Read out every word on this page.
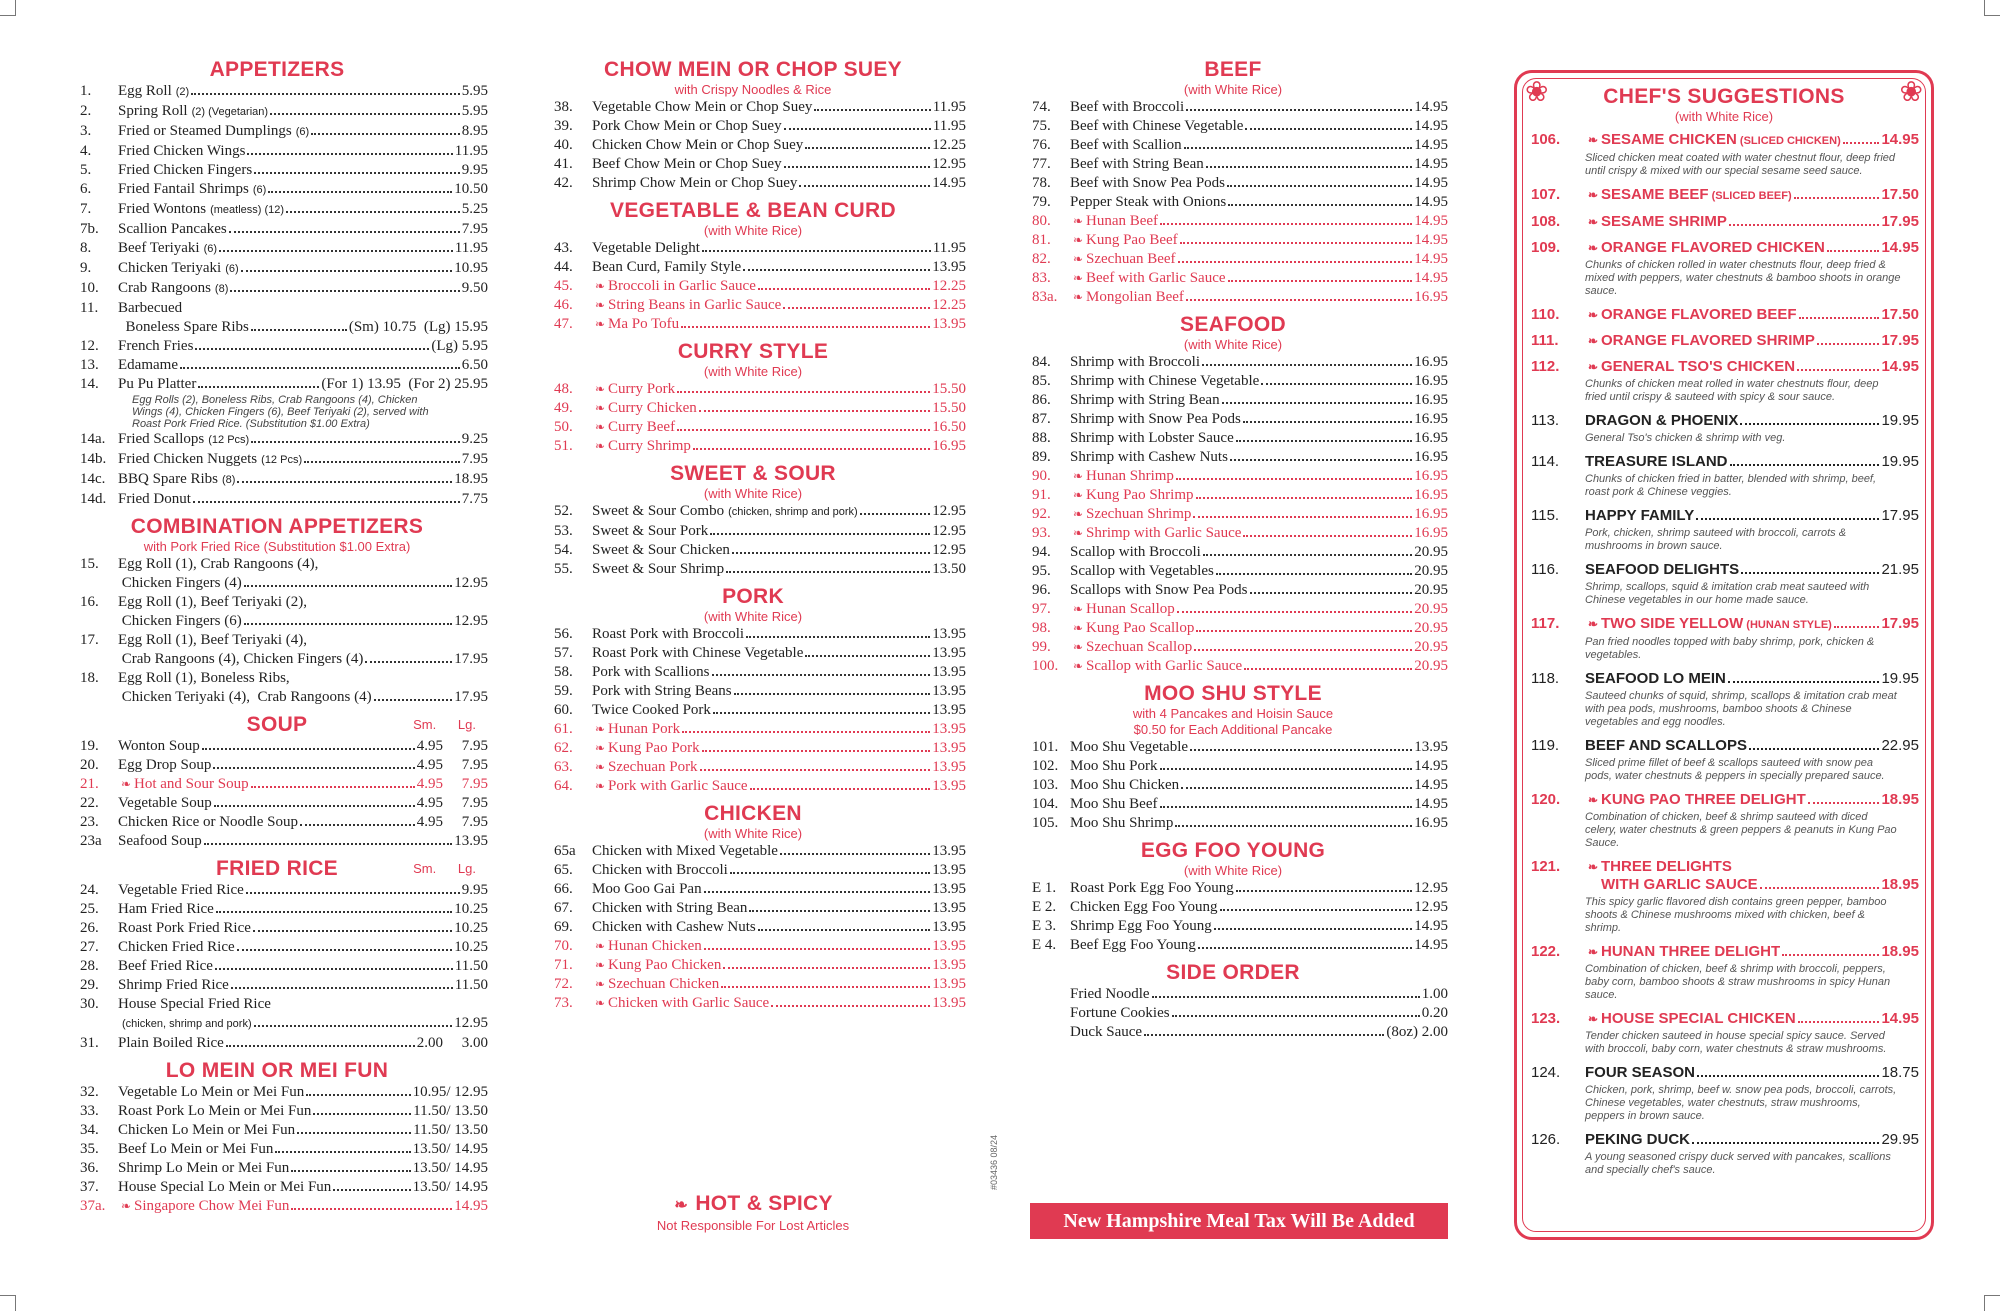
APPETIZERS
1.	Egg Roll (2)	5.95
2.	Spring Roll (2) (Vegetarian)	5.95
3.	Fried or Steamed Dumplings (6)	8.95
4.	Fried Chicken Wings	11.95
5.	Fried Chicken Fingers	9.95
6.	Fried Fantail Shrimps (6)	10.50
7.	Fried Wontons (meatless) (12)	5.25
7b.	Scallion Pancakes	7.95
8.	Beef Teriyaki (6)	11.95
9.	Chicken Teriyaki (6)	10.95
10.	Crab Rangoons (8)	9.50
11.	Barbecued
Boneless Spare Ribs	(Sm) 10.75  (Lg) 15.95
12.	French Fries	(Lg) 5.95
13.	Edamame	6.50
14.	Pu Pu Platter	(For 1) 13.95  (For 2) 25.95
Egg Rolls (2), Boneless Ribs, Crab Rangoons (4), Chicken Wings (4), Chicken Fingers (6), Beef Teriyaki (2), served with Roast Pork Fried Rice. (Substitution $1.00 Extra)
14a. Fried Scallops (12 Pcs)	9.25
14b. Fried Chicken Nuggets (12 Pcs)	7.95
14c. BBQ Spare Ribs (8)	18.95
14d. Fried Donut	7.75
COMBINATION APPETIZERS
with Pork Fried Rice (Substitution $1.00 Extra)
15.	Egg Roll (1), Crab Rangoons (4),
Chicken Fingers (4)	12.95
16.	Egg Roll (1), Beef Teriyaki (2),
Chicken Fingers (6)	12.95
17.	Egg Roll (1), Beef Teriyaki (4),
Crab Rangoons (4), Chicken Fingers (4)	17.95
18.	Egg Roll (1), Boneless Ribs,
Chicken Teriyaki (4),  Crab Rangoons (4)	17.95
SOUP	Sm.      Lg.
19.	Wonton Soup	4.95     7.95
20.	Egg Drop Soup	4.95     7.95
21.	❧ Hot and Sour Soup	4.95     7.95
22.	Vegetable Soup	4.95     7.95
23.	Chicken Rice or Noodle Soup	4.95     7.95
23a	Seafood Soup	13.95
FRIED RICE	Sm.      Lg.
24.	Vegetable Fried Rice	9.95
25.	Ham Fried Rice	10.25
26.	Roast Pork Fried Rice	10.25
27.	Chicken Fried Rice	10.25
28.	Beef Fried Rice	11.50
29.	Shrimp Fried Rice	11.50
30.	House Special Fried Rice
(chicken, shrimp and pork)	12.95
31.	Plain Boiled Rice	2.00     3.00
LO MEIN OR MEI FUN
32.	Vegetable Lo Mein or Mei Fun	10.95/ 12.95
33.	Roast Pork Lo Mein or Mei Fun	11.50/ 13.50
34.	Chicken Lo Mein or Mei Fun	11.50/ 13.50
35.	Beef Lo Mein or Mei Fun	13.50/ 14.95
36.	Shrimp Lo Mein or Mei Fun	13.50/ 14.95
37.	House Special Lo Mein or Mei Fun	13.50/ 14.95
37a.	❧ Singapore Chow Mei Fun	14.95
CHOW MEIN OR CHOP SUEY
with Crispy Noodles & Rice
38.	Vegetable Chow Mein or Chop Suey	11.95
39.	Pork Chow Mein or Chop Suey	11.95
40.	Chicken Chow Mein or Chop Suey	12.25
41.	Beef Chow Mein or Chop Suey	12.95
42.	Shrimp Chow Mein or Chop Suey	14.95
VEGETABLE & BEAN CURD
(with White Rice)
43.	Vegetable Delight	11.95
44.	Bean Curd, Family Style	13.95
45.	❧ Broccoli in Garlic Sauce	12.25
46.	❧ String Beans in Garlic Sauce	12.25
47.	❧ Ma Po Tofu	13.95
CURRY STYLE
(with White Rice)
48.	❧ Curry Pork	15.50
49.	❧ Curry Chicken	15.50
50.	❧ Curry Beef	16.50
51.	❧ Curry Shrimp	16.95
SWEET & SOUR
(with White Rice)
52.	Sweet & Sour Combo (chicken, shrimp and pork)	12.95
53.	Sweet & Sour Pork	12.95
54.	Sweet & Sour Chicken	12.95
55.	Sweet & Sour Shrimp	13.50
PORK
(with White Rice)
56.	Roast Pork with Broccoli	13.95
57.	Roast Pork with Chinese Vegetable	13.95
58.	Pork with Scallions	13.95
59.	Pork with String Beans	13.95
60.	Twice Cooked Pork	13.95
61.	❧ Hunan Pork	13.95
62.	❧ Kung Pao Pork	13.95
63.	❧ Szechuan Pork	13.95
64.	❧ Pork with Garlic Sauce	13.95
CHICKEN
(with White Rice)
65a	Chicken with Mixed Vegetable	13.95
65.	Chicken with Broccoli	13.95
66.	Moo Goo Gai Pan	13.95
67.	Chicken with String Bean	13.95
69.	Chicken with Cashew Nuts	13.95
70.	❧ Hunan Chicken	13.95
71.	❧ Kung Pao Chicken	13.95
72.	❧ Szechuan Chicken	13.95
73.	❧ Chicken with Garlic Sauce	13.95
BEEF
(with White Rice)
74.	Beef with Broccoli	14.95
75.	Beef with Chinese Vegetable	14.95
76.	Beef with Scallion	14.95
77.	Beef with String Bean	14.95
78.	Beef with Snow Pea Pods	14.95
79.	Pepper Steak with Onions	14.95
80.	❧ Hunan Beef	14.95
81.	❧ Kung Pao Beef	14.95
82.	❧ Szechuan Beef	14.95
83.	❧ Beef with Garlic Sauce	14.95
83a.	❧ Mongolian Beef	16.95
SEAFOOD
(with White Rice)
84.	Shrimp with Broccoli	16.95
85.	Shrimp with Chinese Vegetable	16.95
86.	Shrimp with String Bean	16.95
87.	Shrimp with Snow Pea Pods	16.95
88.	Shrimp with Lobster Sauce	16.95
89.	Shrimp with Cashew Nuts	16.95
90.	❧ Hunan Shrimp	16.95
91.	❧ Kung Pao Shrimp	16.95
92.	❧ Szechuan Shrimp	16.95
93.	❧ Shrimp with Garlic Sauce	16.95
94.	Scallop with Broccoli	20.95
95.	Scallop with Vegetables	20.95
96.	Scallops with Snow Pea Pods	20.95
97.	❧ Hunan Scallop	20.95
98.	❧ Kung Pao Scallop	20.95
99.	❧ Szechuan Scallop	20.95
100.	❧ Scallop with Garlic Sauce	20.95
MOO SHU STYLE
with 4 Pancakes and Hoisin Sauce
$0.50 for Each Additional Pancake
101. Moo Shu Vegetable	13.95
102. Moo Shu Pork	14.95
103. Moo Shu Chicken	14.95
104. Moo Shu Beef	14.95
105. Moo Shu Shrimp	16.95
EGG FOO YOUNG
(with White Rice)
E 1. Roast Pork Egg Foo Young	12.95
E 2. Chicken Egg Foo Young	12.95
E 3. Shrimp Egg Foo Young	14.95
E 4. Beef Egg Foo Young	14.95
SIDE ORDER
Fried Noodle	1.00
Fortune Cookies	0.20
Duck Sauce	(8oz) 2.00
❧ HOT & SPICY
Not Responsible For Lost Articles
#03436 08/24
New Hampshire Meal Tax Will Be Added
❀	❀
CHEF'S SUGGESTIONS
(with White Rice)
106.	❧ SESAME CHICKEN (SLICED CHICKEN)	14.95
Sliced chicken meat coated with water chestnut flour, deep fried until crispy & mixed with our special sesame seed sauce.
107.	❧ SESAME BEEF (SLICED BEEF)	17.50
108.	❧ SESAME SHRIMP	17.95
109.	❧ ORANGE FLAVORED CHICKEN	14.95
Chunks of chicken rolled in water chestnuts flour, deep fried & mixed with peppers, water chestnuts & bamboo shoots in orange sauce.
110.	❧ ORANGE FLAVORED BEEF	17.50
111.	❧ ORANGE FLAVORED SHRIMP	17.95
112.	❧ GENERAL TSO'S CHICKEN	14.95
Chunks of chicken meat rolled in water chestnuts flour, deep fried until crispy & sauteed with spicy & sour sauce.
113.	DRAGON & PHOENIX	19.95
General Tso's chicken & shrimp with veg.
114.	TREASURE ISLAND	19.95
Chunks of chicken fried in batter, blended with shrimp, beef, roast pork & Chinese veggies.
115.	HAPPY FAMILY	17.95
Pork, chicken, shrimp sauteed with broccoli, carrots & mushrooms in brown sauce.
116.	SEAFOOD DELIGHTS	21.95
Shrimp, scallops, squid & imitation crab meat sauteed with Chinese vegetables in our home made sauce.
117.	❧ TWO SIDE YELLOW (HUNAN STYLE)	17.95
Pan fried noodles topped with baby shrimp, pork, chicken & vegetables.
118.	SEAFOOD LO MEIN	19.95
Sauteed chunks of squid, shrimp, scallops & imitation crab meat with pea pods, mushrooms, bamboo shoots & Chinese vegetables and egg noodles.
119.	BEEF AND SCALLOPS	22.95
Sliced prime fillet of beef & scallops sauteed with snow pea pods, water chestnuts & peppers in specially prepared sauce.
120.	❧ KUNG PAO THREE DELIGHT	18.95
Combination of chicken, beef & shrimp sauteed with diced celery, water chestnuts & green peppers & peanuts in Kung Pao Sauce.
121.	❧ THREE DELIGHTS
WITH GARLIC SAUCE	18.95
This spicy garlic flavored dish contains green pepper, bamboo shoots & Chinese mushrooms mixed with chicken, beef & shrimp.
122.	❧ HUNAN THREE DELIGHT	18.95
Combination of chicken, beef & shrimp with broccoli, peppers, baby corn, bamboo shoots & straw mushrooms in spicy Hunan sauce.
123.	❧ HOUSE SPECIAL CHICKEN	14.95
Tender chicken sauteed in house special spicy sauce. Served with broccoli, baby corn, water chestnuts & straw mushrooms.
124.	FOUR SEASON	18.75
Chicken, pork, shrimp, beef w. snow pea pods, broccoli, carrots, Chinese vegetables, water chestnuts, straw mushrooms, peppers in brown sauce.
126.	PEKING DUCK	29.95
A young seasoned crispy duck served with pancakes, scallions and specially chef's sauce.
